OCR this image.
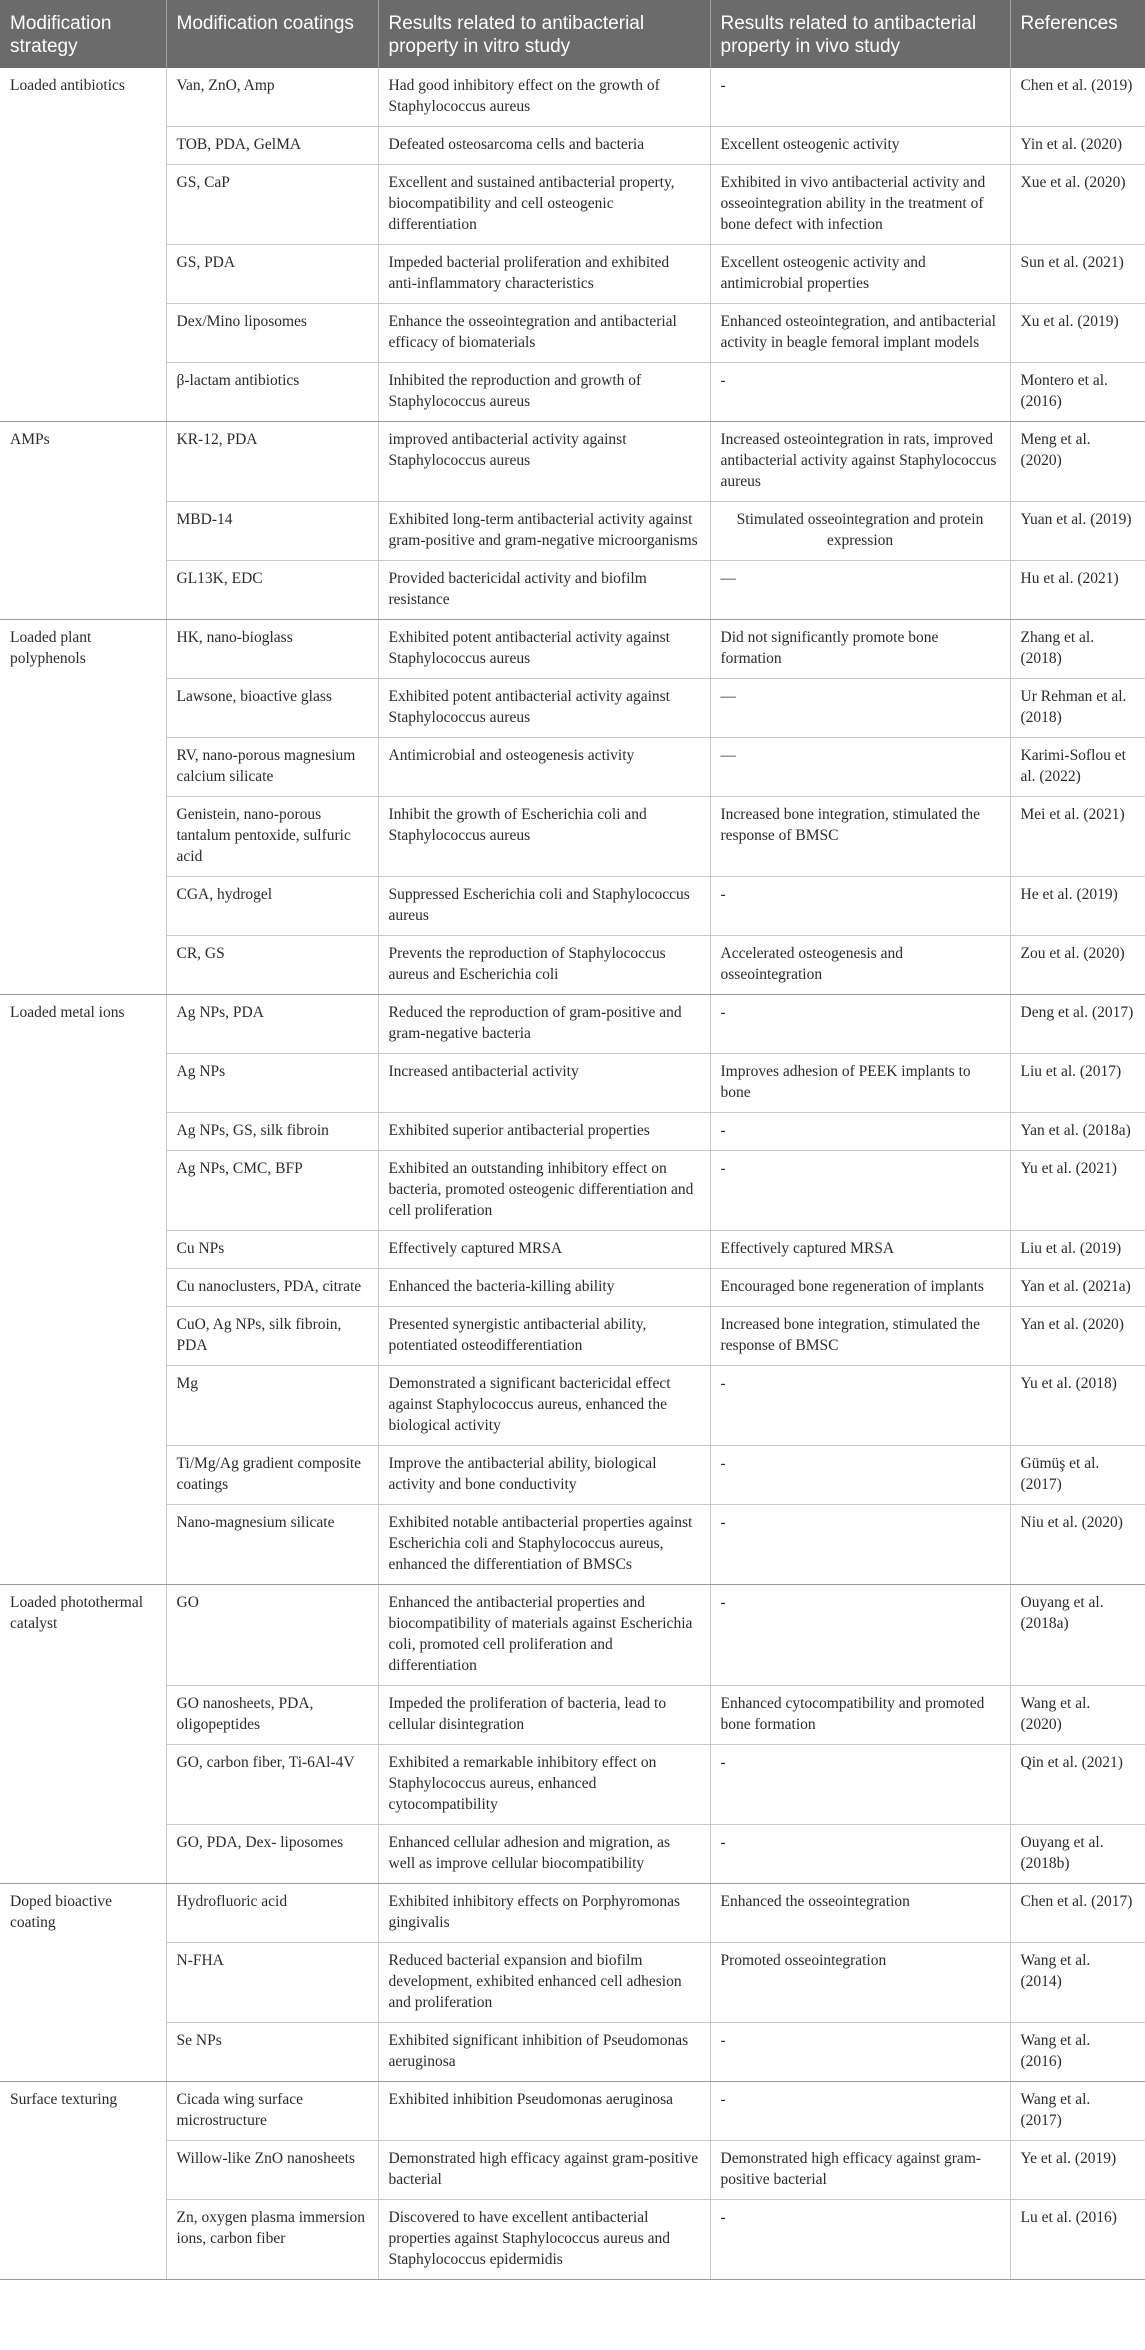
Modification strategy	Modification coatings	Results related to antibacterial property in vitro study	Results related to antibacterial property in vivo study	References
Loaded antibiotics	Van, ZnO, Amp	Had good inhibitory effect on the growth of Staphylococcus aureus	-	Chen et al. (2019)
	TOB, PDA, GelMA	Defeated osteosarcoma cells and bacteria	Excellent osteogenic activity	Yin et al. (2020)
	GS, CaP	Excellent and sustained antibacterial property, biocompatibility and cell osteogenic differentiation	Exhibited in vivo antibacterial activity and osseointegration ability in the treatment of bone defect with infection	Xue et al. (2020)
	GS, PDA	Impeded bacterial proliferation and exhibited anti-inflammatory characteristics	Excellent osteogenic activity and antimicrobial properties	Sun et al. (2021)
	Dex/Mino liposomes	Enhance the osseointegration and antibacterial efficacy of biomaterials	Enhanced osteointegration, and antibacterial activity in beagle femoral implant models	Xu et al. (2019)
	β-lactam antibiotics	Inhibited the reproduction and growth of Staphylococcus aureus	-	Montero et al. (2016)
AMPs	KR-12, PDA	improved antibacterial activity against Staphylococcus aureus	Increased osteointegration in rats, improved antibacterial activity against Staphylococcus aureus	Meng et al. (2020)
	MBD-14	Exhibited long-term antibacterial activity against gram-positive and gram-negative microorganisms	Stimulated osseointegration and protein expression	Yuan et al. (2019)
	GL13K, EDC	Provided bactericidal activity and biofilm resistance	—	Hu et al. (2021)
Loaded plant polyphenols	HK, nano-bioglass	Exhibited potent antibacterial activity against Staphylococcus aureus	Did not significantly promote bone formation	Zhang et al. (2018)
	Lawsone, bioactive glass	Exhibited potent antibacterial activity against Staphylococcus aureus	—	Ur Rehman et al. (2018)
	RV, nano-porous magnesium calcium silicate	Antimicrobial and osteogenesis activity	—	Karimi-Soflou et al. (2022)
	Genistein, nano-porous tantalum pentoxide, sulfuric acid	Inhibit the growth of Escherichia coli and Staphylococcus aureus	Increased bone integration, stimulated the response of BMSC	Mei et al. (2021)
	CGA, hydrogel	Suppressed Escherichia coli and Staphylococcus aureus	-	He et al. (2019)
	CR, GS	Prevents the reproduction of Staphylococcus aureus and Escherichia coli	Accelerated osteogenesis and osseointegration	Zou et al. (2020)
Loaded metal ions	Ag NPs, PDA	Reduced the reproduction of gram-positive and gram-negative bacteria	-	Deng et al. (2017)
	Ag NPs	Increased antibacterial activity	Improves adhesion of PEEK implants to bone	Liu et al. (2017)
	Ag NPs, GS, silk fibroin	Exhibited superior antibacterial properties	-	Yan et al. (2018a)
	Ag NPs, CMC, BFP	Exhibited an outstanding inhibitory effect on bacteria, promoted osteogenic differentiation and cell proliferation	-	Yu et al. (2021)
	Cu NPs	Effectively captured MRSA	Effectively captured MRSA	Liu et al. (2019)
	Cu nanoclusters, PDA, citrate	Enhanced the bacteria-killing ability	Encouraged bone regeneration of implants	Yan et al. (2021a)
	CuO, Ag NPs, silk fibroin, PDA	Presented synergistic antibacterial ability, potentiated osteodifferentiation	Increased bone integration, stimulated the response of BMSC	Yan et al. (2020)
	Mg	Demonstrated a significant bactericidal effect against Staphylococcus aureus, enhanced the biological activity	-	Yu et al. (2018)
	Ti/Mg/Ag gradient composite coatings	Improve the antibacterial ability, biological activity and bone conductivity	-	Gümüş et al. (2017)
	Nano-magnesium silicate	Exhibited notable antibacterial properties against Escherichia coli and Staphylococcus aureus, enhanced the differentiation of BMSCs	-	Niu et al. (2020)
Loaded photothermal catalyst	GO	Enhanced the antibacterial properties and biocompatibility of materials against Escherichia coli, promoted cell proliferation and differentiation	-	Ouyang et al. (2018a)
	GO nanosheets, PDA, oligopeptides	Impeded the proliferation of bacteria, lead to cellular disintegration	Enhanced cytocompatibility and promoted bone formation	Wang et al. (2020)
	GO, carbon fiber, Ti-6Al-4V	Exhibited a remarkable inhibitory effect on Staphylococcus aureus, enhanced cytocompatibility	-	Qin et al. (2021)
	GO, PDA, Dex- liposomes	Enhanced cellular adhesion and migration, as well as improve cellular biocompatibility	-	Ouyang et al. (2018b)
Doped bioactive coating	Hydrofluoric acid	Exhibited inhibitory effects on Porphyromonas gingivalis	Enhanced the osseointegration	Chen et al. (2017)
	N-FHA	Reduced bacterial expansion and biofilm development, exhibited enhanced cell adhesion and proliferation	Promoted osseointegration	Wang et al. (2014)
	Se NPs	Exhibited significant inhibition of Pseudomonas aeruginosa	-	Wang et al. (2016)
Surface texturing	Cicada wing surface microstructure	Exhibited inhibition Pseudomonas aeruginosa	-	Wang et al. (2017)
	Willow-like ZnO nanosheets	Demonstrated high efficacy against gram-positive bacterial	Demonstrated high efficacy against gram-positive bacterial	Ye et al. (2019)
	Zn, oxygen plasma immersion ions, carbon fiber	Discovered to have excellent antibacterial properties against Staphylococcus aureus and Staphylococcus epidermidis	-	Lu et al. (2016)
